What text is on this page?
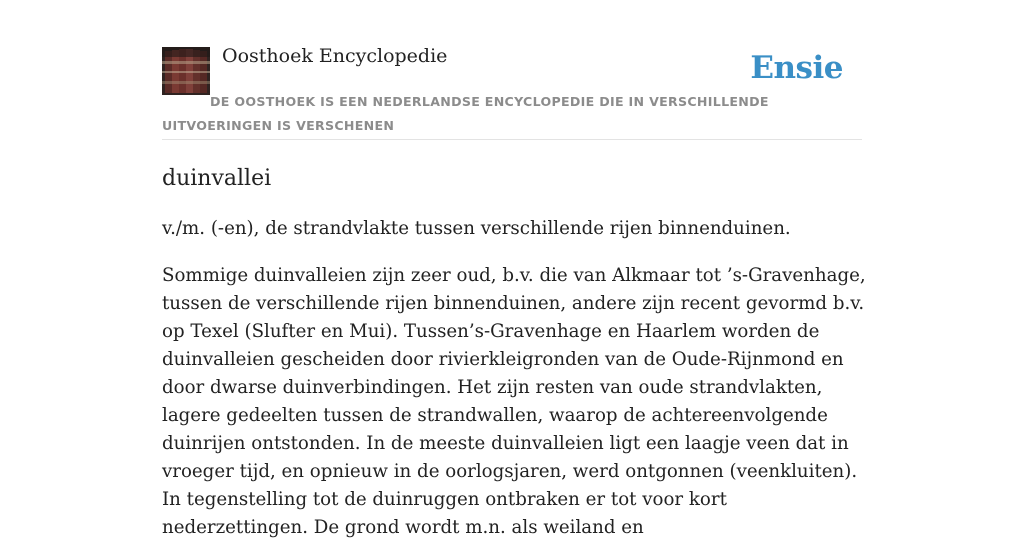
Oosthoek Encyclopedie	Ensie
DE OOSTHOEK IS EEN NEDERLANDSE ENCYCLOPEDIE DIE IN VERSCHILLENDE UITVOERINGEN IS VERSCHENEN
duinvallei

v./m. (-en), de strandvlakte tussen verschillende rijen binnenduinen.

Sommige duinvalleien zijn zeer oud, b.v. die van Alkmaar tot ’s-Gravenhage, tussen de verschillende rijen binnenduinen, andere zijn recent gevormd b.v. op Texel (Slufter en Mui). Tussen’s-Gravenhage en Haarlem worden de duinvalleien gescheiden door rivierkleigronden van de Oude-Rijnmond en door dwarse duinverbindingen. Het zijn resten van oude strandvlakten, lagere gedeelten tussen de strandwallen, waarop de achtereenvolgende duinrijen ontstonden. In de meeste duinvalleien ligt een laagje veen dat in vroeger tijd, en opnieuw in de oorlogsjaren, werd ontgonnen (veenkluiten). In tegenstelling tot de duinruggen ontbraken er tot voor kort nederzettingen. De grond wordt m.n. als weiland en
